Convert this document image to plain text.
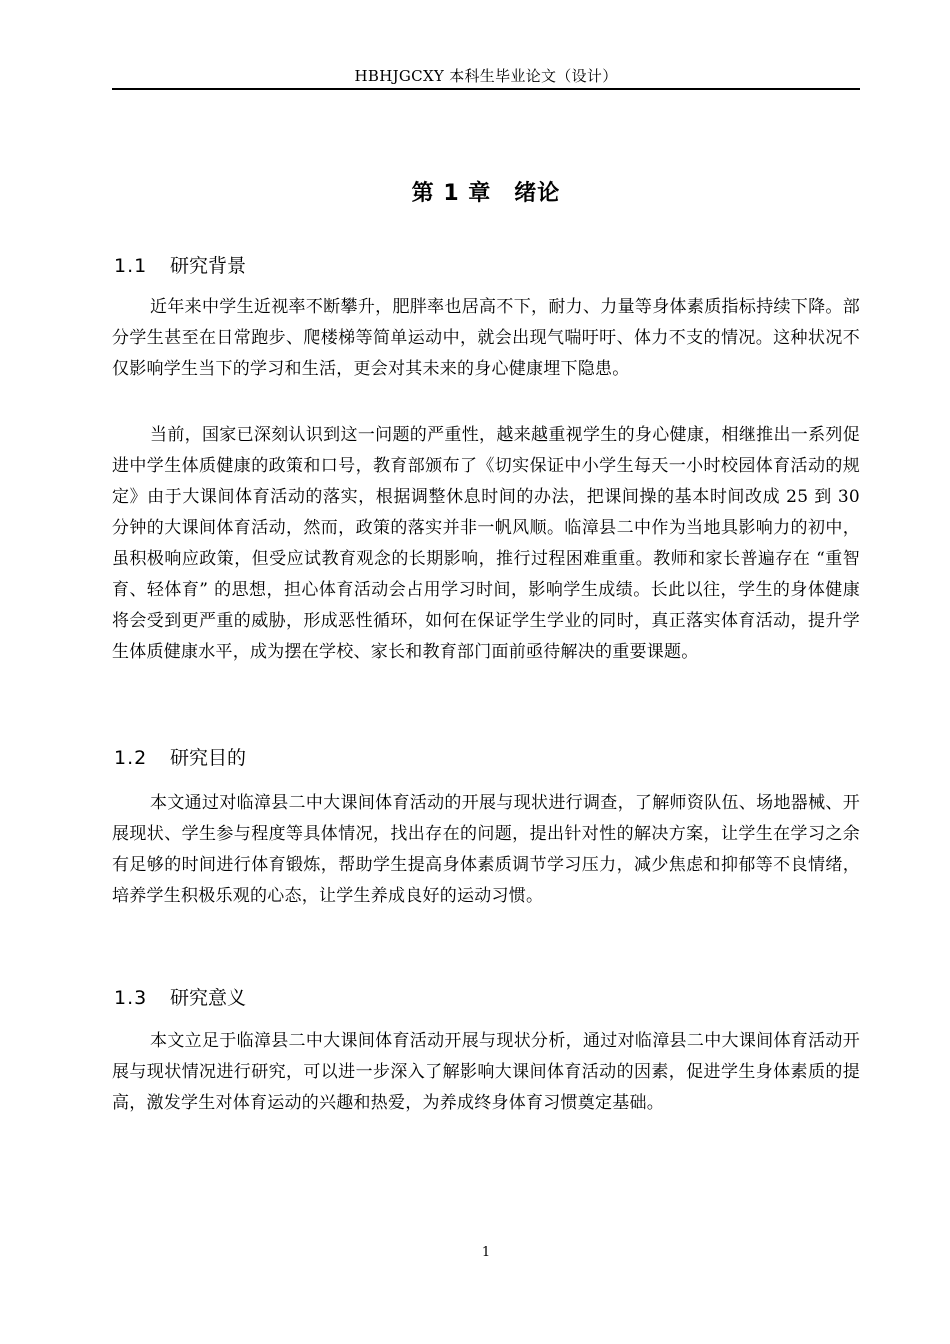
HBHJGCXY 本科生毕业论文（设计）
第 1 章　绪论
1.1 研究背景

近年来中学生近视率不断攀升，肥胖率也居高不下，耐力、力量等身体素质指标持续下降。部分学生甚至在日常跑步、爬楼梯等简单运动中，就会出现气喘吁吁、体力不支的情况。这种状况不仅影响学生当下的学习和生活，更会对其未来的身心健康埋下隐患。

当前，国家已深刻认识到这一问题的严重性，越来越重视学生的身心健康，相继推出一系列促进中学生体质健康的政策和口号，教育部颁布了《切实保证中小学生每天一小时校园体育活动的规定》由于大课间体育活动的落实，根据调整休息时间的办法，把课间操的基本时间改成 25 到 30 分钟的大课间体育活动，然而，政策的落实并非一帆风顺。临漳县二中作为当地具影响力的初中，虽积极响应政策，但受应试教育观念的长期影响，推行过程困难重重。教师和家长普遍存在 “重智育、轻体育” 的思想，担心体育活动会占用学习时间，影响学生成绩。长此以往，学生的身体健康将会受到更严重的威胁，形成恶性循环，如何在保证学生学业的同时，真正落实体育活动，提升学生体质健康水平，成为摆在学校、家长和教育部门面前亟待解决的重要课题。

1.2 研究目的

本文通过对临漳县二中大课间体育活动的开展与现状进行调查，了解师资队伍、场地器械、开展现状、学生参与程度等具体情况，找出存在的问题，提出针对性的解决方案，让学生在学习之余有足够的时间进行体育锻炼，帮助学生提高身体素质调节学习压力，减少焦虑和抑郁等不良情绪，培养学生积极乐观的心态，让学生养成良好的运动习惯。

1.3 研究意义

本文立足于临漳县二中大课间体育活动开展与现状分析，通过对临漳县二中大课间体育活动开展与现状情况进行研究，可以进一步深入了解影响大课间体育活动的因素，促进学生身体素质的提高，激发学生对体育运动的兴趣和热爱，为养成终身体育习惯奠定基础。

1
